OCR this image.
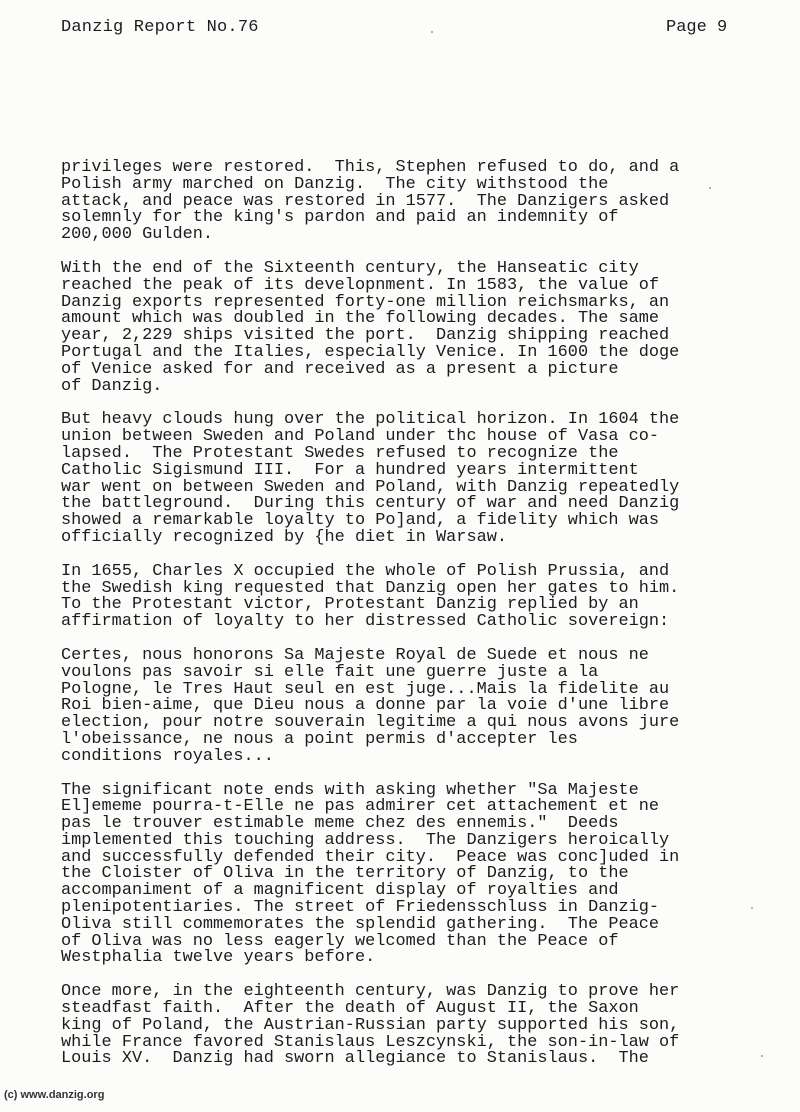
Danzig Report No.76	Page 9
privileges were restored.  This, Stephen refused to do, and a
Polish army marched on Danzig.  The city withstood the
attack, and peace was restored in 1577.  The Danzigers asked
solemnly for the king's pardon and paid an indemnity of
200,000 Gulden.
With the end of the Sixteenth century, the Hanseatic city
reached the peak of its developnment. In 1583, the value of
Danzig exports represented forty-one million reichsmarks, an
amount which was doubled in the following decades. The same
year, 2,229 ships visited the port.  Danzig shipping reached
Portugal and the Italies, especially Venice. In 1600 the doge
of Venice asked for and received as a present a picture
of Danzig.
But heavy clouds hung over the political horizon. In 1604 the
union between Sweden and Poland under thc house of Vasa co-
lapsed.  The Protestant Swedes refused to recognize the
Catholic Sigismund III.  For a hundred years intermittent
war went on between Sweden and Poland, with Danzig repeatedly
the battleground.  During this century of war and need Danzig
showed a remarkable loyalty to Po]and, a fidelity which was
officially recognized by {he diet in Warsaw.
In 1655, Charles X occupied the whole of Polish Prussia, and
the Swedish king requested that Danzig open her gates to him.
To the Protestant victor, Protestant Danzig replied by an
affirmation of loyalty to her distressed Catholic sovereign:
Certes, nous honorons Sa Majeste Royal de Suede et nous ne
voulons pas savoir si elle fait une guerre juste a la
Pologne, le Tres Haut seul en est juge...Mais la fidelite au
Roi bien-aime, que Dieu nous a donne par la voie d'une libre
election, pour notre souverain legitime a qui nous avons jure
l'obeissance, ne nous a point permis d'accepter les
conditions royales...
The significant note ends with asking whether "Sa Majeste
El]ememe pourra-t-Elle ne pas admirer cet attachement et ne
pas le trouver estimable meme chez des ennemis."  Deeds
implemented this touching address.  The Danzigers heroically
and successfully defended their city.  Peace was conc]uded in
the Cloister of Oliva in the territory of Danzig, to the
accompaniment of a magnificent display of royalties and
plenipotentiaries. The street of Friedensschluss in Danzig-
Oliva still commemorates the splendid gathering.  The Peace
of Oliva was no less eagerly welcomed than the Peace of
Westphalia twelve years before.
Once more, in the eighteenth century, was Danzig to prove her
steadfast faith.  After the death of August II, the Saxon
king of Poland, the Austrian-Russian party supported his son,
while France favored Stanislaus Leszcynski, the son-in-law of
Louis XV.  Danzig had sworn allegiance to Stanislaus.  The
(c) www.danzig.org
